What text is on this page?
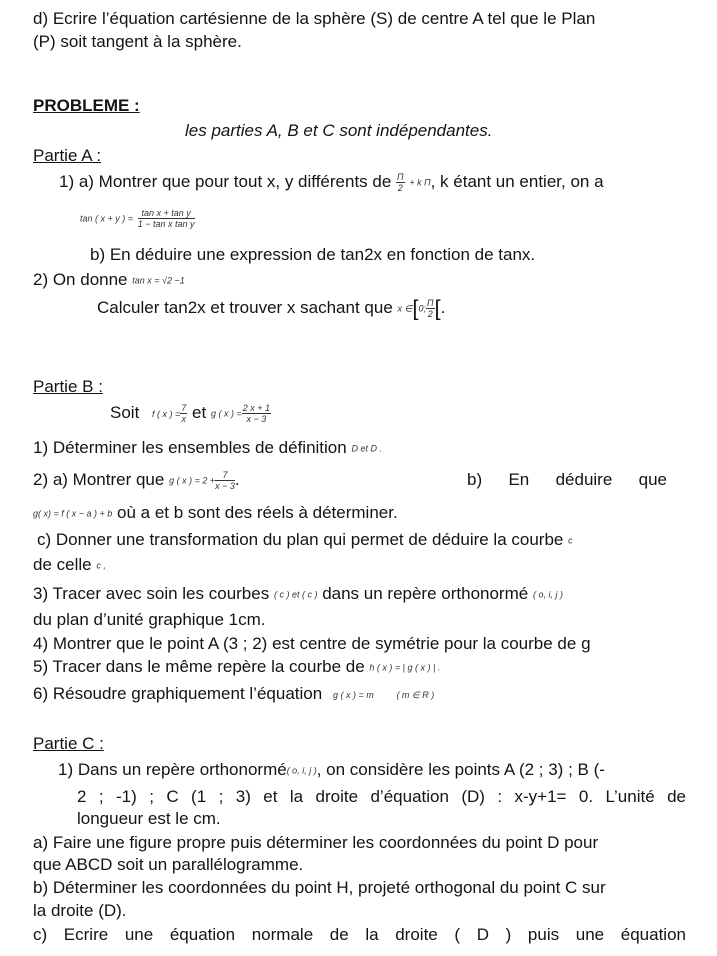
d) Ecrire l’équation cartésienne de la sphère (S) de centre A tel que le Plan
(P) soit tangent à la sphère.
PROBLEME :
les parties A, B et C sont indépendantes.
Partie A :
1) a) Montrer que pour tout x, y différents de $\frac{\Pi}{2} + k$ Π, k étant un entier, on a
tan ( x + y ) = $\frac{\text{tan x + tan y}}{\text{1 − tan x tan y}}$
b) En déduire une expression de tan2x en fonction de tanx.
2) On donne tan x = √2 −1
Calculer tan2x et trouver x sachant que x ∈[0; $\frac{\Pi}{2}$ [.
Partie B :
Soit f ( x ) = $\frac{7}{x}$ et g ( x ) = $\frac{2 x + 1}{x - 3}$
1) Déterminer les ensembles de définition D et D .
2) a) Montrer que g ( x ) = $2 + \frac{7}{x - 3}$ .	b) En déduire que
g( x) = f ( x − a ) + b où a et b sont des réels à déterminer.
c) Donner une transformation du plan qui permet de déduire la courbe c
de celle c ,
3) Tracer avec soin les courbes ( c ) et ( c ) dans un repère orthonormé ( o, i, j )
du plan d’unité graphique 1cm.
4) Montrer que le point A (3 ; 2) est centre de symétrie pour la courbe de g
5) Tracer dans le même repère la courbe de h ( x ) = | g ( x ) | .
6) Résoudre graphiquement l’équation g ( x ) = m	( m ∈ R )
Partie C :
1) Dans un repère orthonormé( o, i, j ), on considère les points A (2 ; 3) ; B (-
2 ; -1) ; C (1 ; 3) et la droite d’équation (D) : x-y+1= 0. L’unité de
longueur est le cm.
a) Faire une figure propre puis déterminer les coordonnées du point D pour
que ABCD soit un parallélogramme.
b) Déterminer les coordonnées du point H, projeté orthogonal du point C sur
la droite (D).
c) Ecrire une équation normale de la droite ( D ) puis une équation
